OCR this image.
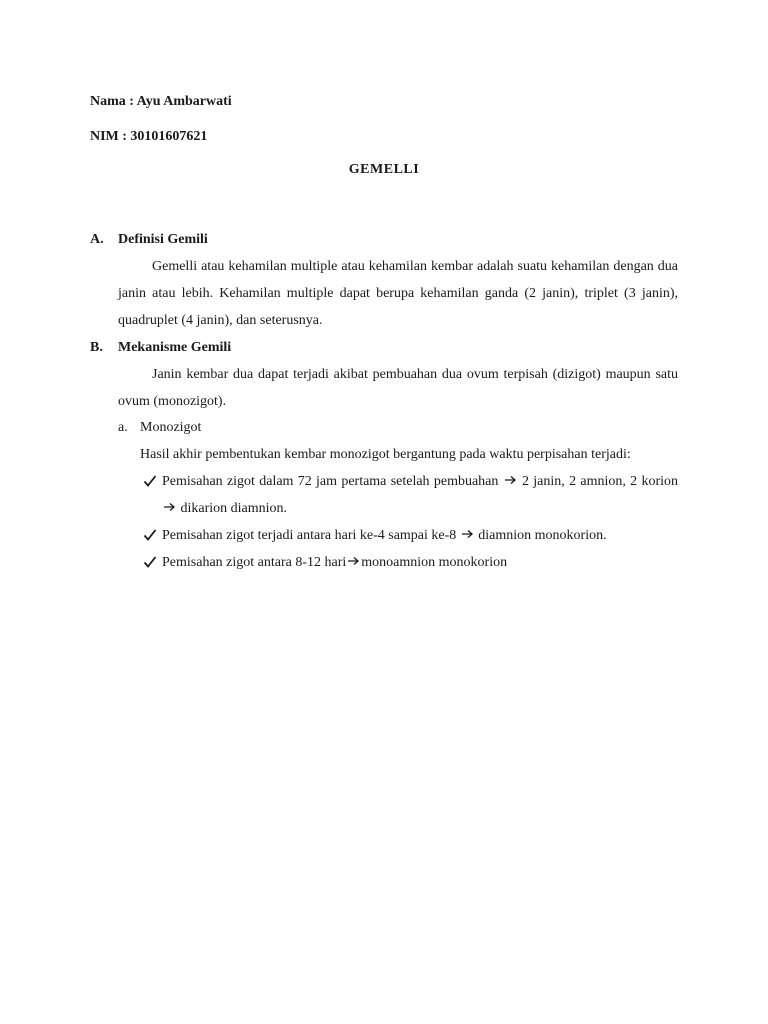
Nama : Ayu Ambarwati
NIM : 30101607621
GEMELLI
A. Definisi Gemili
Gemelli atau kehamilan multiple atau kehamilan kembar adalah suatu kehamilan dengan dua janin atau lebih. Kehamilan multiple dapat berupa kehamilan ganda (2 janin), triplet (3 janin), quadruplet (4 janin), dan seterusnya.
B. Mekanisme Gemili
Janin kembar dua dapat terjadi akibat pembuahan dua ovum terpisah (dizigot) maupun satu ovum (monozigot).
a. Monozigot
Hasil akhir pembentukan kembar monozigot bergantung pada waktu perpisahan terjadi:
Pemisahan zigot dalam 72 jam pertama setelah pembuahan 2 janin, 2 amnion, 2 korion  dikarion diamnion.
Pemisahan zigot terjadi antara hari ke-4 sampai ke-8 diamnion monokorion.
Pemisahan zigot antara 8-12 hari monoamnion monokorion
